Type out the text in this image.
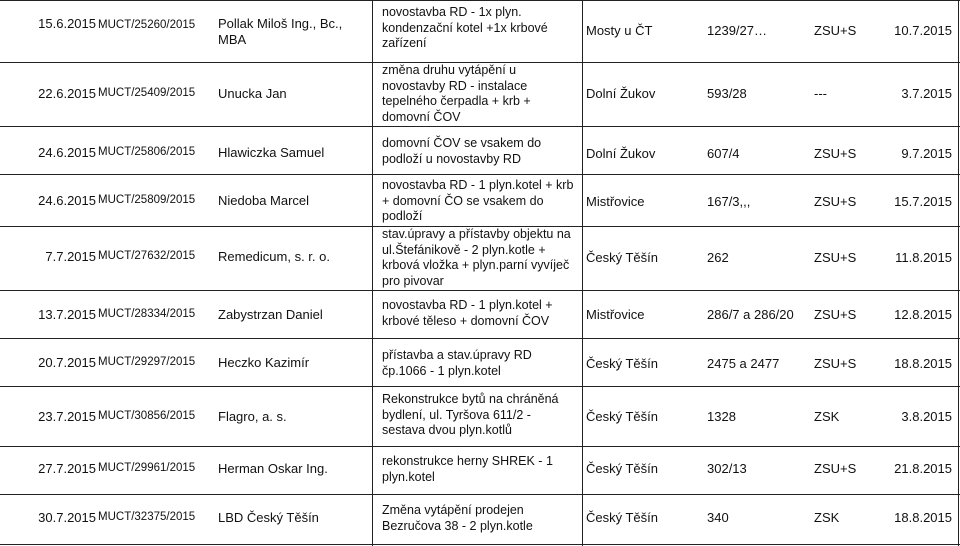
15.6.2015 MUCT/25260/2015	Pollak Miloš Ing., Bc., MBA
novostavba RD - 1x plyn.
kondenzační kotel +1x krbové
zařízení
Mosty u ČT	1239/27…	ZSU+S	10.7.2015
22.6.2015 MUCT/25409/2015	Unucka Jan
změna druhu vytápění u
novostavby RD - instalace
tepelného čerpadla + krb +
domovní ČOV
Dolní Žukov	593/28	---	3.7.2015
24.6.2015 MUCT/25806/2015	Hlawiczka Samuel
domovní ČOV se vsakem do
podloží u novostavby RD	Dolní Žukov	607/4	ZSU+S	9.7.2015
24.6.2015 MUCT/25809/2015	Niedoba Marcel
novostavba RD - 1 plyn.kotel + krb
+ domovní ČO se vsakem do
podloží
Mistřovice	167/3,,,	ZSU+S	15.7.2015
7.7.2015 MUCT/27632/2015	Remedicum, s. r. o.
stav.úpravy a přístavby objektu na
ul.Štefánikově - 2 plyn.kotle +
krbová vložka + plyn.parní vyvíječ
pro pivovar
Český Těšín	262	ZSU+S	11.8.2015
13.7.2015 MUCT/28334/2015	Zabystrzan Daniel
novostavba RD - 1 plyn.kotel +
krbové těleso + domovní ČOV	Mistřovice	286/7 a 286/20	ZSU+S	12.8.2015
20.7.2015 MUCT/29297/2015	Heczko Kazimír
přístavba a stav.úpravy RD
čp.1066 - 1 plyn.kotel	Český Těšín	2475 a 2477	ZSU+S	18.8.2015
23.7.2015 MUCT/30856/2015	Flagro, a. s.
Rekonstrukce bytů na chráněná
bydlení, ul. Tyršova 611/2 -
sestava dvou plyn.kotlů
Český Těšín	1328	ZSK	3.8.2015
27.7.2015 MUCT/29961/2015	Herman Oskar Ing.
rekonstrukce herny SHREK - 1
plyn.kotel
Český Těšín	302/13	ZSU+S	21.8.2015
30.7.2015 MUCT/32375/2015	LBD Český Těšín
Změna vytápění prodejen
Bezručova 38 - 2 plyn.kotle
Český Těšín	340	ZSK	18.8.2015
